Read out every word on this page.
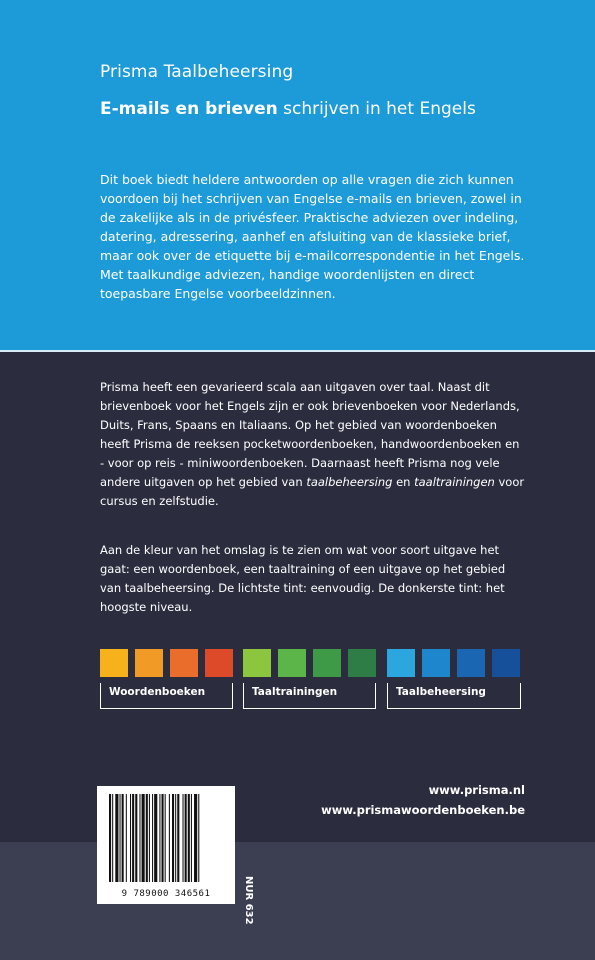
Prisma Taalbeheersing
E-mails en brieven schrijven in het Engels
Dit boek biedt heldere antwoorden op alle vragen die zich kunnen voordoen bij het schrijven van Engelse e-mails en brieven, zowel in de zakelijke als in de privésfeer. Praktische adviezen over indeling, datering, adressering, aanhef en afsluiting van de klassieke brief, maar ook over de etiquette bij e-mailcorrespondentie in het Engels. Met taalkundige adviezen, handige woordenlijsten en direct toepasbare Engelse voorbeeldzinnen.
Prisma heeft een gevarieerd scala aan uitgaven over taal. Naast dit brievenboek voor het Engels zijn er ook brievenboeken voor Nederlands, Duits, Frans, Spaans en Italiaans. Op het gebied van woordenboeken heeft Prisma de reeksen pocketwoordenboeken, handwoordenboeken en - voor op reis - miniwoordenboeken. Daarnaast heeft Prisma nog vele andere uitgaven op het gebied van taalbeheersing en taaltrainingen voor cursus en zelfstudie.
Aan de kleur van het omslag is te zien om wat voor soort uitgave het gaat: een woordenboek, een taaltraining of een uitgave op het gebied van taalbeheersing. De lichtste tint: eenvoudig. De donkerste tint: het hoogste niveau.
Woordenboeken	Taaltrainingen	Taalbeheersing
www.prisma.nl
www.prismawoordenboeken.be
9 789000 346561	NUR 632
